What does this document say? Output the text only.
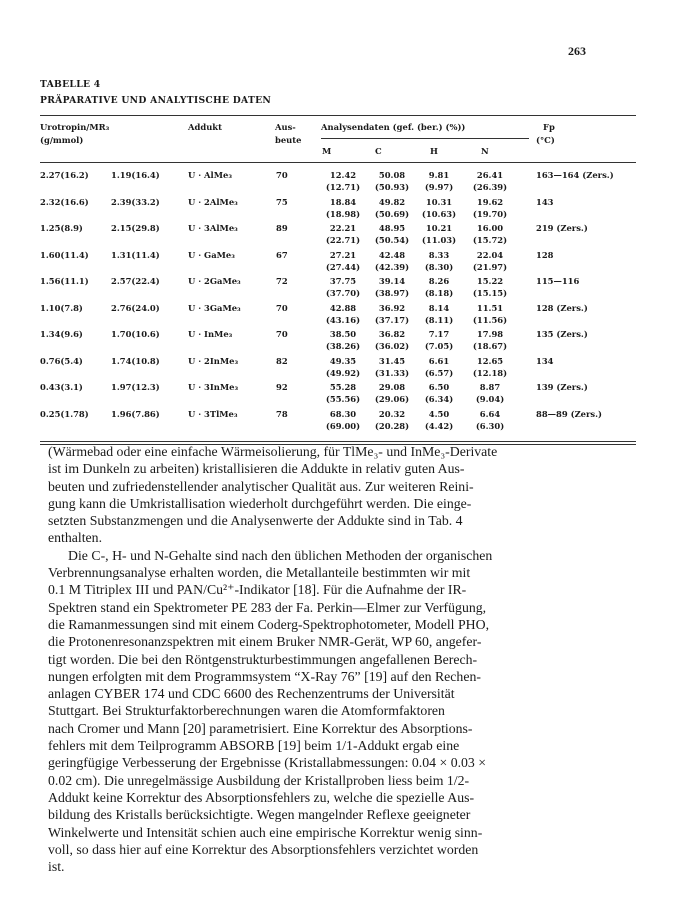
263
TABELLE 4
PRÄPARATIVE UND ANALYTISCHE DATEN
Urotropin/MR₃
(g/mmol)
Addukt	Aus-
beute
Analysendaten (gef. (ber.) (%))	Fp
(°C)
M	C	H	N
2.27(16.2)	1.19(16.4)	U · AlMe₃	70	12.42	50.08	9.81	26.41	163—164 (Zers.)
(12.71)	(50.93)	(9.97)	(26.39)
2.32(16.6)	2.39(33.2)	U · 2AlMe₃	75	18.84	49.82	10.31	19.62	143
(18.98)	(50.69)	(10.63)	(19.70)
1.25(8.9)	2.15(29.8)	U · 3AlMe₃	89	22.21	48.95	10.21	16.00	219 (Zers.)
(22.71)	(50.54)	(11.03)	(15.72)
1.60(11.4)	1.31(11.4)	U · GaMe₃	67	27.21	42.48	8.33	22.04	128
(27.44)	(42.39)	(8.30)	(21.97)
1.56(11.1)	2.57(22.4)	U · 2GaMe₃	72	37.75	39.14	8.26	15.22	115—116
(37.70)	(38.97)	(8.18)	(15.15)
1.10(7.8)	2.76(24.0)	U · 3GaMe₃	70	42.88	36.92	8.14	11.51	128 (Zers.)
(43.16)	(37.17)	(8.11)	(11.56)
1.34(9.6)	1.70(10.6)	U · InMe₃	70	38.50	36.82	7.17	17.98	135 (Zers.)
(38.26)	(36.02)	(7.05)	(18.67)
0.76(5.4)	1.74(10.8)	U · 2InMe₃	82	49.35	31.45	6.61	12.65	134
(49.92)	(31.33)	(6.57)	(12.18)
0.43(3.1)	1.97(12.3)	U · 3InMe₃	92	55.28	29.08	6.50	8.87	139 (Zers.)
(55.56)	(29.06)	(6.34)	(9.04)
0.25(1.78)	1.96(7.86)	U · 3TlMe₃	78	68.30	20.32	4.50	6.64	88—89 (Zers.)
(69.00)	(20.28)	(4.42)	(6.30)
(Wärmebad oder eine einfache Wärmeisolierung, für TlMe₃- und InMe₃-Derivate
ist im Dunkeln zu arbeiten) kristallisieren die Addukte in relativ guten Aus-
beuten und zufriedenstellender analytischer Qualität aus. Zur weiteren Reini-
gung kann die Umkristallisation wiederholt durchgeführt werden. Die einge-
setzten Substanzmengen und die Analysenwerte der Addukte sind in Tab. 4
enthalten.
Die C-, H- und N-Gehalte sind nach den üblichen Methoden der organischen
Verbrennungsanalyse erhalten worden, die Metallanteile bestimmten wir mit
0.1 M Titriplex III und PAN/Cu²⁺-Indikator [18]. Für die Aufnahme der IR-
Spektren stand ein Spektrometer PE 283 der Fa. Perkin—Elmer zur Verfügung,
die Ramanmessungen sind mit einem Coderg-Spektrophotometer, Modell PHO,
die Protonenresonanzspektren mit einem Bruker NMR-Gerät, WP 60, angefer-
tigt worden. Die bei den Röntgenstrukturbestimmungen angefallenen Berech-
nungen erfolgten mit dem Programmsystem “X-Ray 76” [19] auf den Rechen-
anlagen CYBER 174 und CDC 6600 des Rechenzentrums der Universität
Stuttgart. Bei Strukturfaktorberechnungen waren die Atomformfaktoren
nach Cromer und Mann [20] parametrisiert. Eine Korrektur des Absorptions-
fehlers mit dem Teilprogramm ABSORB [19] beim 1/1-Addukt ergab eine
geringfügige Verbesserung der Ergebnisse (Kristallabmessungen: 0.04 × 0.03 ×
0.02 cm). Die unregelmässige Ausbildung der Kristallproben liess beim 1/2-
Addukt keine Korrektur des Absorptionsfehlers zu, welche die spezielle Aus-
bildung des Kristalls berücksichtigte. Wegen mangelnder Reflexe geeigneter
Winkelwerte und Intensität schien auch eine empirische Korrektur wenig sinn-
voll, so dass hier auf eine Korrektur des Absorptionsfehlers verzichtet worden
ist.
